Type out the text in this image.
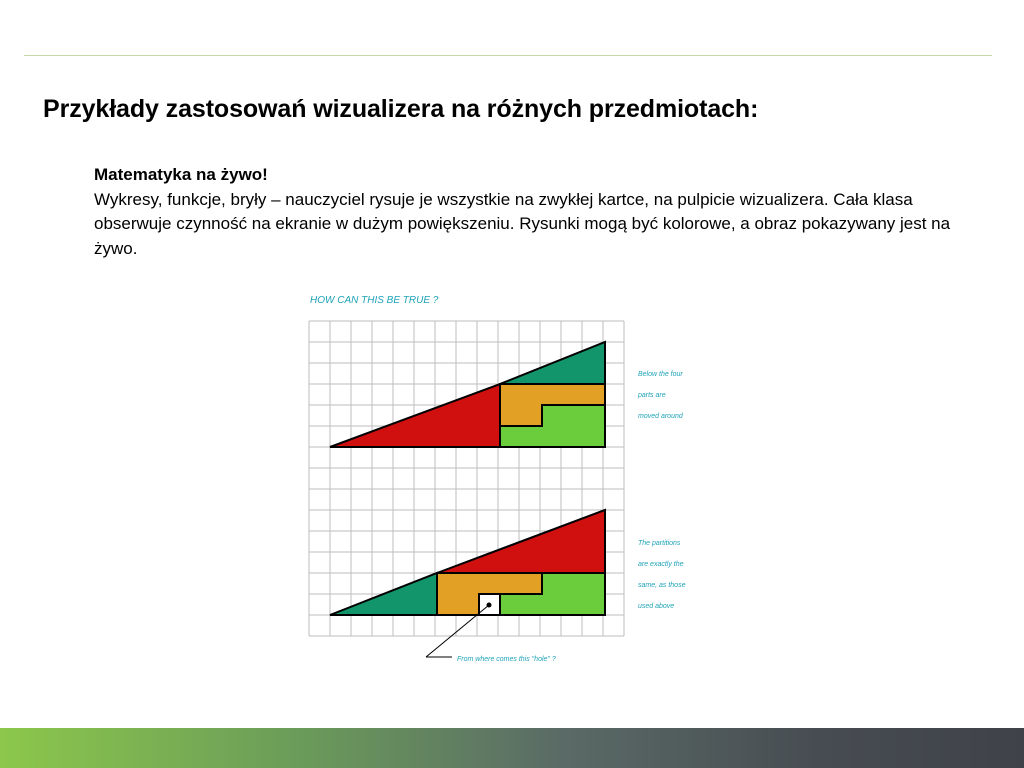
Przykłady zastosowań wizualizera na różnych przedmiotach:
Matematyka na żywo!
Wykresy, funkcje, bryły – nauczyciel rysuje je wszystkie na zwykłej kartce, na pulpicie wizualizera. Cała klasa obserwuje czynność na ekranie w dużym powiększeniu. Rysunki mogą być kolorowe, a obraz pokazywany jest na żywo.
HOW CAN THIS BE TRUE ?
From where comes this "hole" ?
Below the four
parts are
moved around
The partitions
are exactly the
same, as those
used above
